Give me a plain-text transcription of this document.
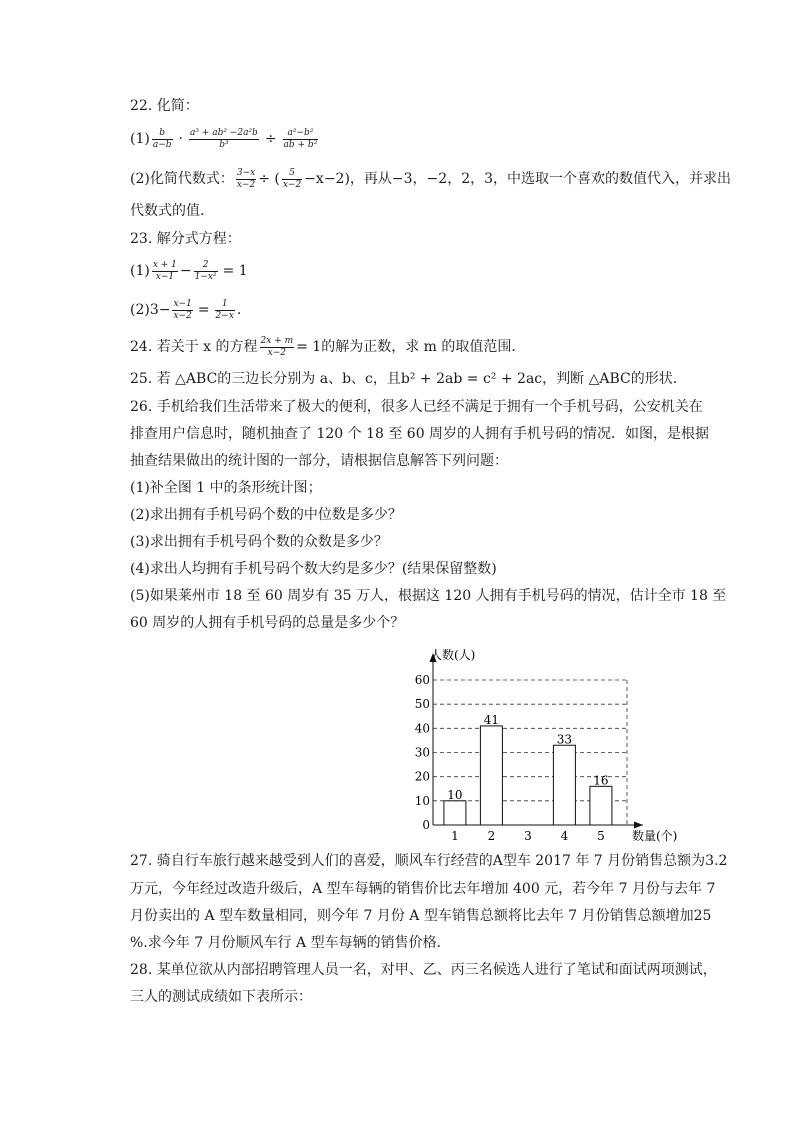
22. 化简：
$(1) \frac{b}{a-b} \cdot \frac{\text{a³ + ab² −2a²b}}{\text{b³}} \div \frac{\text{a²−b²}}{\text{ab + b²}}$
(2)化简代数式： $\frac{3-x}{x-2}$ ÷ ( $\frac{5}{x-2} -x-2$)，再从−3，−2，2，3，中选取一个喜欢的数值代入，并求出
代数式的值．
23. 解分式方程：
$(1) \frac{x + 1}{x-1} - \frac{2}{\text{1−x²}} = 1$
$(2)3- \frac{x-1}{x-2} = \frac{1}{2-x}$ .
24. 若关于 x 的方程 $\frac{2x + m}{x-2} = 1$的解为正数，求 m 的取值范围．
25. 若 △ABC的三边长分别为 a、b、c，且b² + 2ab = c² + 2ac，判断 △ABC的形状．
26. 手机给我们生活带来了极大的便利，很多人已经不满足于拥有一个手机号码，公安机关在
排查用户信息时，随机抽查了 120 个 18 至 60 周岁的人拥有手机号码的情况．如图，是根据
抽查结果做出的统计图的一部分，请根据信息解答下列问题：
(1)补全图 1 中的条形统计图；
(2)求出拥有手机号码个数的中位数是多少？
(3)求出拥有手机号码个数的众数是多少？
(4)求出人均拥有手机号码个数大约是多少？(结果保留整数)
(5)如果莱州市 18 至 60 周岁有 35 万人，根据这 120 人拥有手机号码的情况，估计全市 18 至
60 周岁的人拥有手机号码的总量是多少个？
人数(人)
数量(个)
0
10
20
30
40
50
60
1
10
2
41
3 4
33
5
16
27. 骑自行车旅行越来越受到人们的喜爱，顺风车行经营的A型车 2017 年 7 月份销售总额为3.2
万元，今年经过改造升级后，A 型车每辆的销售价比去年增加 400 元，若今年 7 月份与去年 7
月份卖出的 A 型车数量相同，则今年 7 月份 A 型车销售总额将比去年 7 月份销售总额增加25
%.求今年 7 月份顺风车行 A 型车每辆的销售价格．
28. 某单位欲从内部招聘管理人员一名，对甲、乙、丙三名候选人进行了笔试和面试两项测试，
三人的测试成绩如下表所示：
